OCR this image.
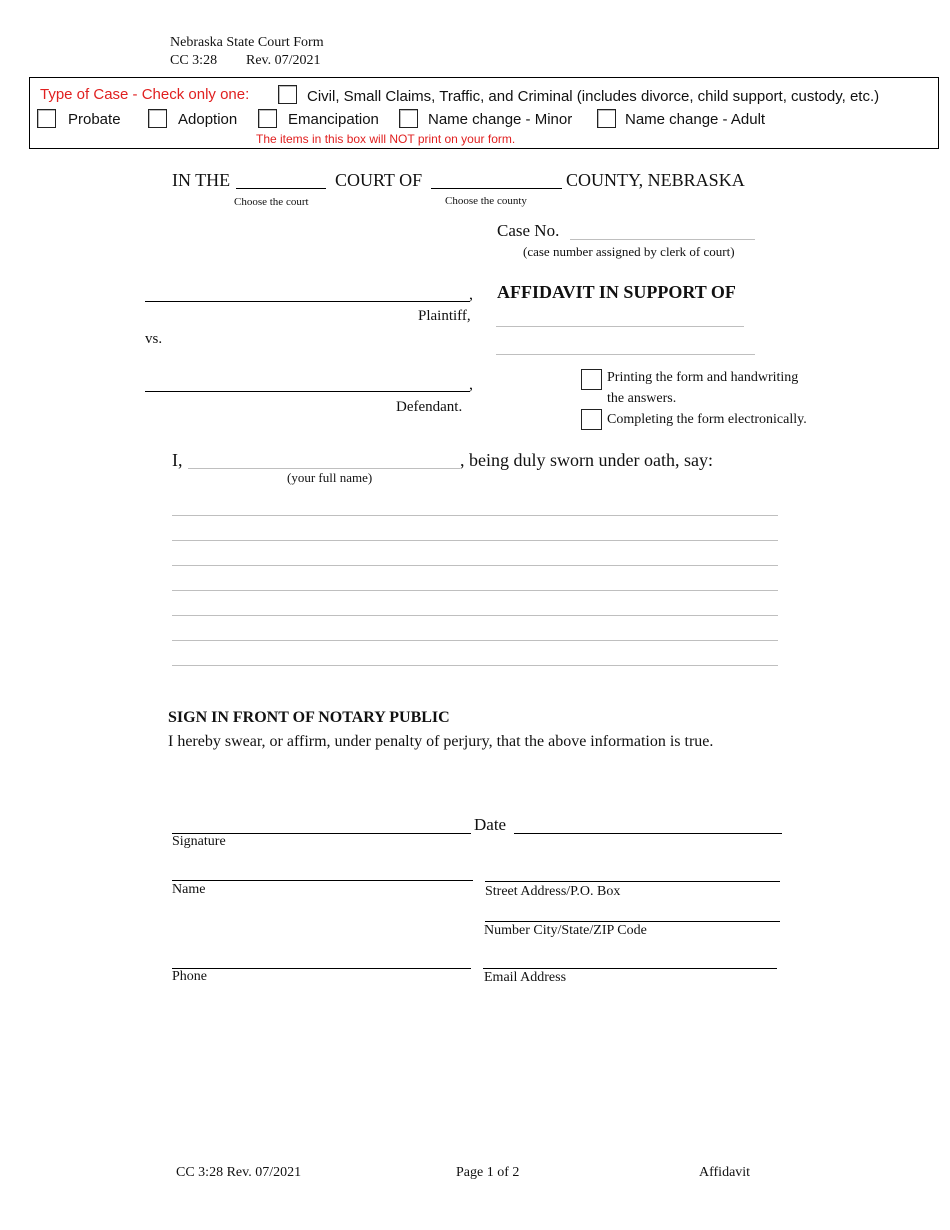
Nebraska State Court Form
CC 3:28 Rev. 07/2021
Type of Case - Check only one:	Civil, Small Claims, Traffic, and Criminal (includes divorce, child support, custody, etc.)
Probate	Adoption	Emancipation	Name change - Minor	Name change - Adult
The items in this box will NOT print on your form.
IN THE	COURT OF	COUNTY, NEBRASKA
Choose the court	Choose the county
Case No.
(case number assigned by clerk of court)
,
Plaintiff,
AFFIDAVIT IN SUPPORT OF
vs.
,
Defendant.
Printing the form and handwriting
the answers.
Completing the form electronically.
I,	, being duly sworn under oath, say:
(your full name)
SIGN IN FRONT OF NOTARY PUBLIC
I hereby swear, or affirm, under penalty of perjury, that the above information is true.
Date
Signature
Name	Street Address/P.O. Box
Number City/State/ZIP Code
Phone	Email Address
CC 3:28 Rev. 07/2021	Page 1 of 2	Affidavit
